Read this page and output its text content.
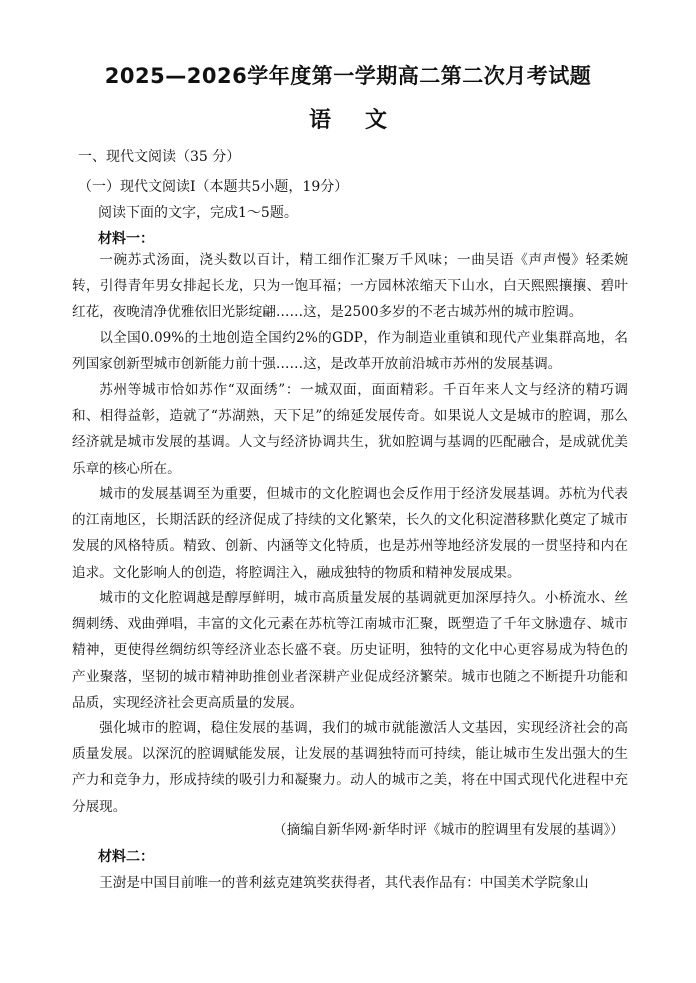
2025—2026学年度第一学期高二第二次月考试题
语文
一、现代文阅读（35 分）
（一）现代文阅读Ⅰ（本题共5小题，19分）
阅读下面的文字，完成1～5题。
材料一：
一碗苏式汤面，浇头数以百计，精工细作汇聚万千风味；一曲吴语《声声慢》轻柔婉转，引得青年男女排起长龙，只为一饱耳福；一方园林浓缩天下山水，白天熙熙攘攘、碧叶红花，夜晚清净优雅依旧光影绽翩……这，是2500多岁的不老古城苏州的城市腔调。
以全国0.09%的土地创造全国约2%的GDP，作为制造业重镇和现代产业集群高地，名列国家创新型城市创新能力前十强……这，是改革开放前沿城市苏州的发展基调。
苏州等城市恰如苏作“双面绣”：一城双面，面面精彩。千百年来人文与经济的精巧调和、相得益彰，造就了“苏湖熟，天下足”的绵延发展传奇。如果说人文是城市的腔调，那么经济就是城市发展的基调。人文与经济协调共生，犹如腔调与基调的匹配融合，是成就优美乐章的核心所在。
城市的发展基调至为重要，但城市的文化腔调也会反作用于经济发展基调。苏杭为代表的江南地区，长期活跃的经济促成了持续的文化繁荣，长久的文化积淀潜移默化奠定了城市发展的风格特质。精致、创新、内涵等文化特质，也是苏州等地经济发展的一贯坚持和内在追求。文化影响人的创造，将腔调注入，融成独特的物质和精神发展成果。
城市的文化腔调越是醇厚鲜明，城市高质量发展的基调就更加深厚持久。小桥流水、丝绸刺绣、戏曲弹唱，丰富的文化元素在苏杭等江南城市汇聚，既塑造了千年文脉遗存、城市精神，更使得丝绸纺织等经济业态长盛不衰。历史证明，独特的文化中心更容易成为特色的产业聚落，坚韧的城市精神助推创业者深耕产业促成经济繁荣。城市也随之不断提升功能和品质，实现经济社会更高质量的发展。
强化城市的腔调，稳住发展的基调，我们的城市就能激活人文基因，实现经济社会的高质量发展。以深沉的腔调赋能发展，让发展的基调独特而可持续，能让城市生发出强大的生产力和竞争力，形成持续的吸引力和凝聚力。动人的城市之美，将在中国式现代化进程中充分展现。
（摘编自新华网·新华时评《城市的腔调里有发展的基调》）
材料二：
王澍是中国目前唯一的普利兹克建筑奖获得者，其代表作品有：中国美术学院象山
